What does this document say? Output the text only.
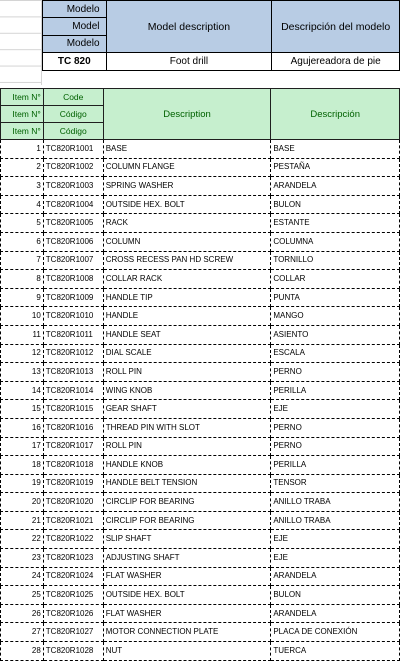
Modelo	Model description	Descripción del modelo
Model		
Modelo		
TC 820	Foot drill	Agujereadora de pie
Item N°	Code	Description	Descripción
Item N°	Código		
Item N°	Código		
1	TC820R1001	BASE	BASE
2	TC820R1002	COLUMN FLANGE	PESTAÑA
3	TC820R1003	SPRING WASHER	ARANDELA
4	TC820R1004	OUTSIDE HEX. BOLT	BULON
5	TC820R1005	RACK	ESTANTE
6	TC820R1006	COLUMN	COLUMNA
7	TC820R1007	CROSS RECESS PAN HD SCREW	TORNILLO
8	TC820R1008	COLLAR RACK	COLLAR
9	TC820R1009	HANDLE TIP	PUNTA
10	TC820R1010	HANDLE	MANGO
11	TC820R1011	HANDLE SEAT	ASIENTO
12	TC820R1012	DIAL SCALE	ESCALA
13	TC820R1013	ROLL PIN	PERNO
14	TC820R1014	WING KNOB	PERILLA
15	TC820R1015	GEAR SHAFT	EJE
16	TC820R1016	THREAD PIN WITH SLOT	PERNO
17	TC820R1017	ROLL PIN	PERNO
18	TC820R1018	HANDLE KNOB	PERILLA
19	TC820R1019	HANDLE BELT TENSION	TENSOR
20	TC820R1020	CIRCLIP FOR BEARING	ANILLO TRABA
21	TC820R1021	CIRCLIP FOR BEARING	ANILLO TRABA
22	TC820R1022	SLIP SHAFT	EJE
23	TC820R1023	ADJUSTING SHAFT	EJE
24	TC820R1024	FLAT WASHER	ARANDELA
25	TC820R1025	OUTSIDE HEX. BOLT	BULON
26	TC820R1026	FLAT WASHER	ARANDELA
27	TC820R1027	MOTOR CONNECTION PLATE	PLACA DE CONEXIÓN
28	TC820R1028	NUT	TUERCA
